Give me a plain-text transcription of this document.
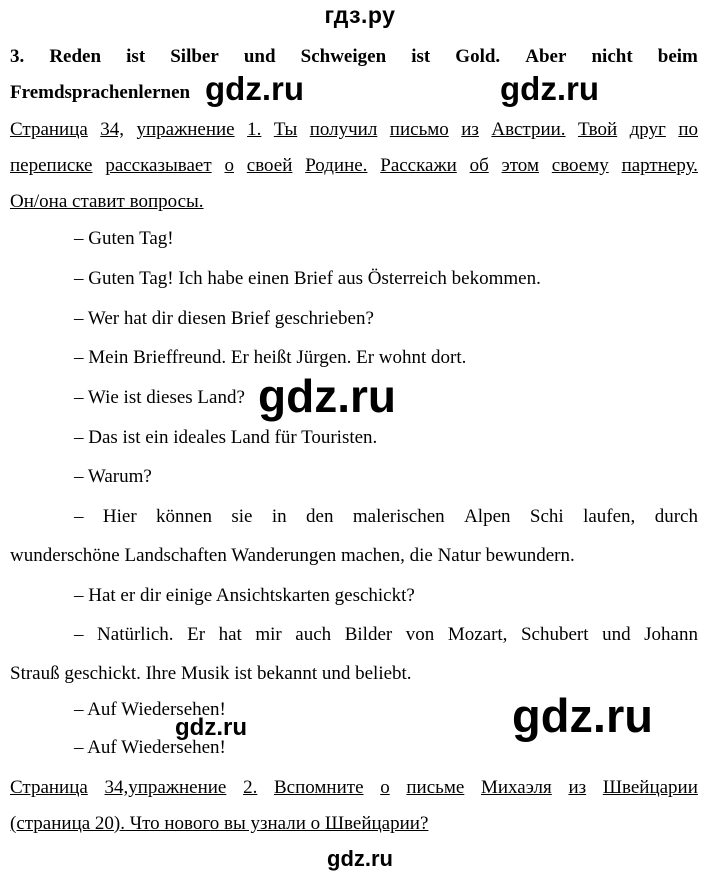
гдз.ру
3. Reden ist Silber und Schweigen ist Gold. Aber nicht beim
Fremdsprachenlernen
Страница 34, упражнение 1. Ты получил письмо из Австрии. Твой друг по
переписке рассказывает о своей Родине. Расскажи об этом своему партнеру.
Он/она ставит вопросы.
– Guten Tag!
– Guten Tag! Ich habe einen Brief aus Österreich bekommen.
– Wer hat dir diesen Brief geschrieben?
– Mein Brieffreund. Er heißt Jürgen. Er wohnt dort.
– Wie ist dieses Land?
– Das ist ein ideales Land für Touristen.
– Warum?
– Hier können sie in den malerischen Alpen Schi laufen, durch
wunderschöne Landschaften Wanderungen machen, die Natur bewundern.
– Hat er dir einige Ansichtskarten geschickt?
– Natürlich. Er hat mir auch Bilder von Mozart, Schubert und Johann
Strauß geschickt. Ihre Musik ist bekannt und beliebt.
– Auf Wiedersehen!
– Auf Wiedersehen!
Страница 34,упражнение 2. Вспомните о письме Михаэля из Швейцарии
(страница 20). Что нового вы узнали о Швейцарии?
gdz.ru	gdz.ru
gdz.ru
gdz.ru	gdz.ru
gdz.ru
